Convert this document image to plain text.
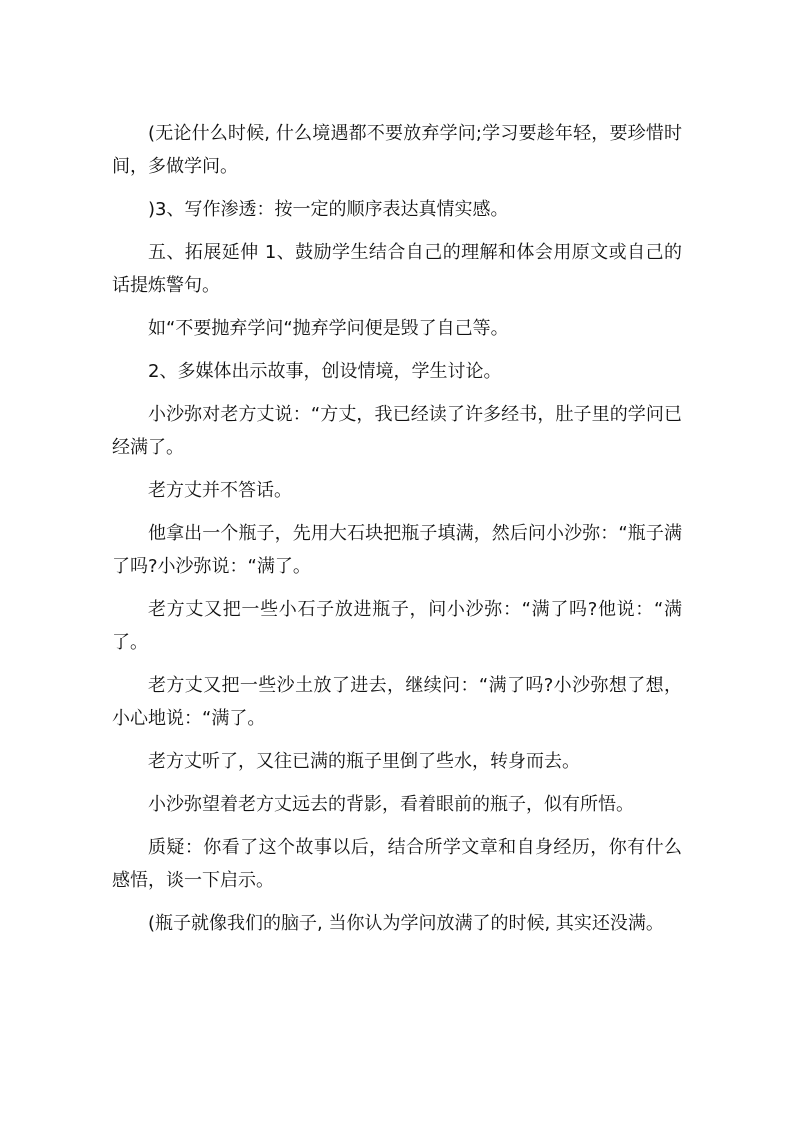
(无论什么时候, 什么境遇都不要放弃学问;学习要趁年轻，要珍惜时间，多做学问。

)3、写作渗透：按一定的顺序表达真情实感。

五、拓展延伸 1、鼓励学生结合自己的理解和体会用原文或自己的话提炼警句。

如“不要抛弃学问“抛弃学问便是毁了自己等。

2、多媒体出示故事，创设情境，学生讨论。

小沙弥对老方丈说：“方丈，我已经读了许多经书，肚子里的学问已经满了。

老方丈并不答话。

他拿出一个瓶子，先用大石块把瓶子填满，然后问小沙弥：“瓶子满了吗?小沙弥说：“满了。

老方丈又把一些小石子放进瓶子，问小沙弥：“满了吗?他说：“满了。

老方丈又把一些沙土放了进去，继续问：“满了吗?小沙弥想了想，小心地说：“满了。

老方丈听了，又往已满的瓶子里倒了些水，转身而去。

小沙弥望着老方丈远去的背影，看着眼前的瓶子，似有所悟。

质疑：你看了这个故事以后，结合所学文章和自身经历，你有什么感悟，谈一下启示。

(瓶子就像我们的脑子, 当你认为学问放满了的时候, 其实还没满。
